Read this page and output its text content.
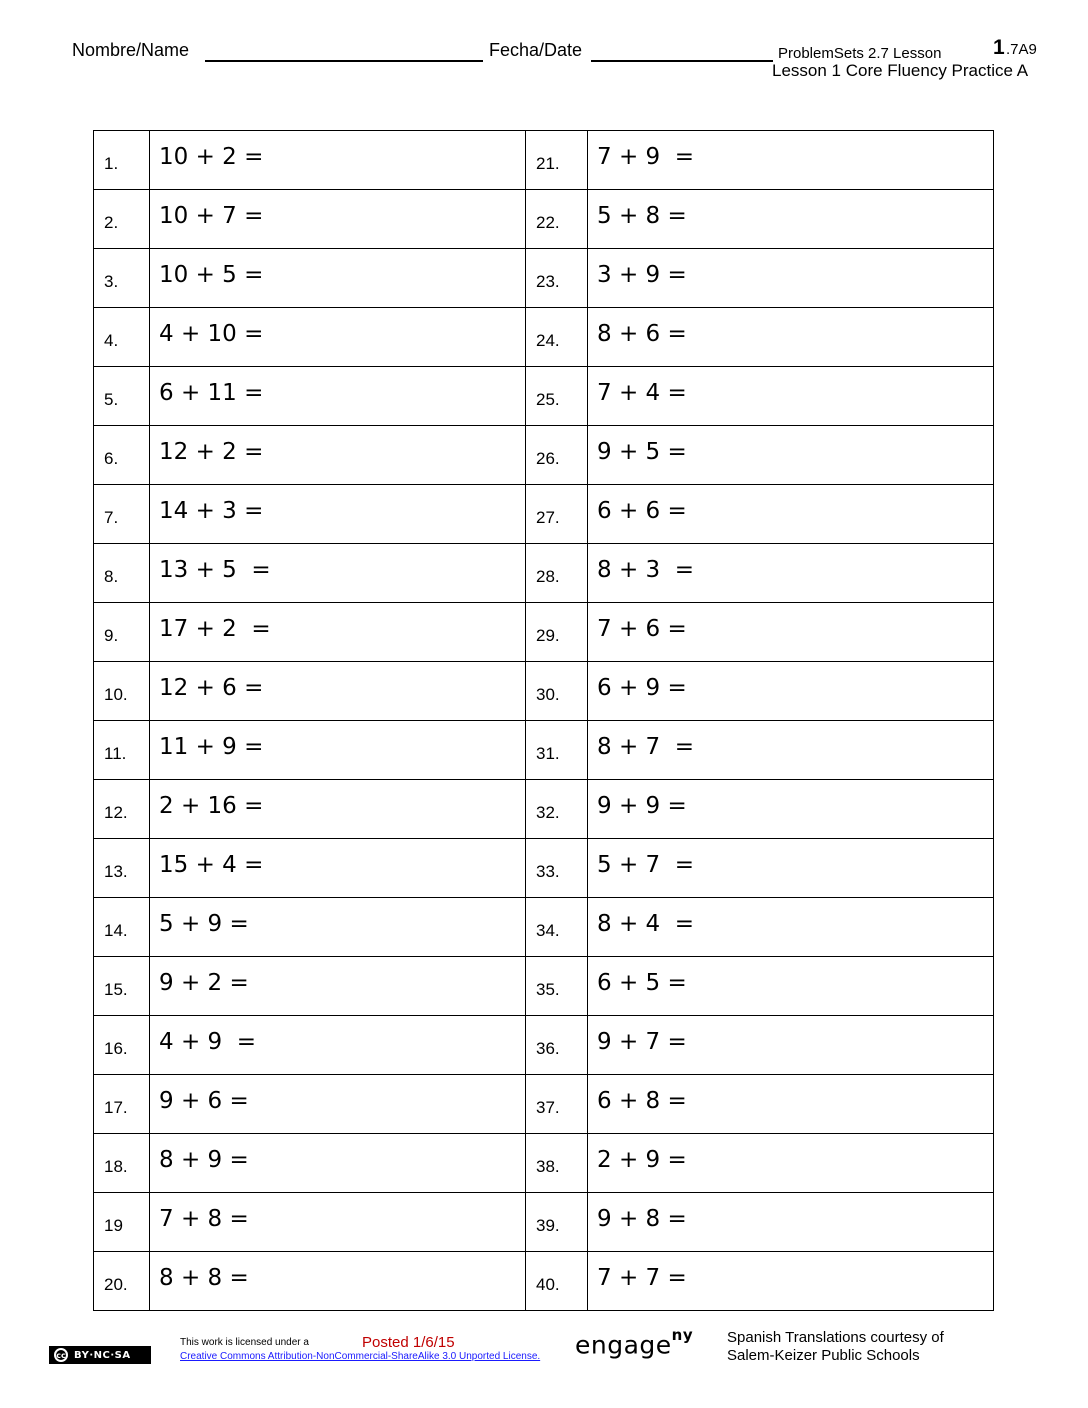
Nombre/Name	Fecha/Date	ProblemSets 2.7 Lesson 1 .7A9
Lesson 1 Core Fluency Practice A
1.	10 + 2 =	21.	7 + 9  =
2.	10 + 7 =	22.	5 + 8 =
3.	10 + 5 =	23.	3 + 9 =
4.	4 + 10 =	24.	8 + 6 =
5.	6 + 11 =	25.	7 + 4 =
6.	12 + 2 =	26.	9 + 5 =
7.	14 + 3 =	27.	6 + 6 =
8.	13 + 5  =	28.	8 + 3  =
9.	17 + 2  =	29.	7 + 6 =
10.	12 + 6 =	30.	6 + 9 =
11.	11 + 9 =	31.	8 + 7  =
12.	2 + 16 =	32.	9 + 9 =
13.	15 + 4 =	33.	5 + 7  =
14.	5 + 9 =	34.	8 + 4  =
15.	9 + 2 =	35.	6 + 5 =
16.	4 + 9  =	36.	9 + 7 =
17.	9 + 6 =	37.	6 + 8 =
18.	8 + 9 =	38.	2 + 9 =
19	7 + 8 =	39.	9 + 8 =
20.	8 + 8 =	40.	7 + 7 =
cc BY·NC·SA
This work is licensed under a
Creative Commons Attribution-NonCommercial-ShareAlike 3.0 Unported License.
Posted 1/6/15	engage$^{ny}$ Spanish Translations courtesy of
Salem-Keizer Public Schools
